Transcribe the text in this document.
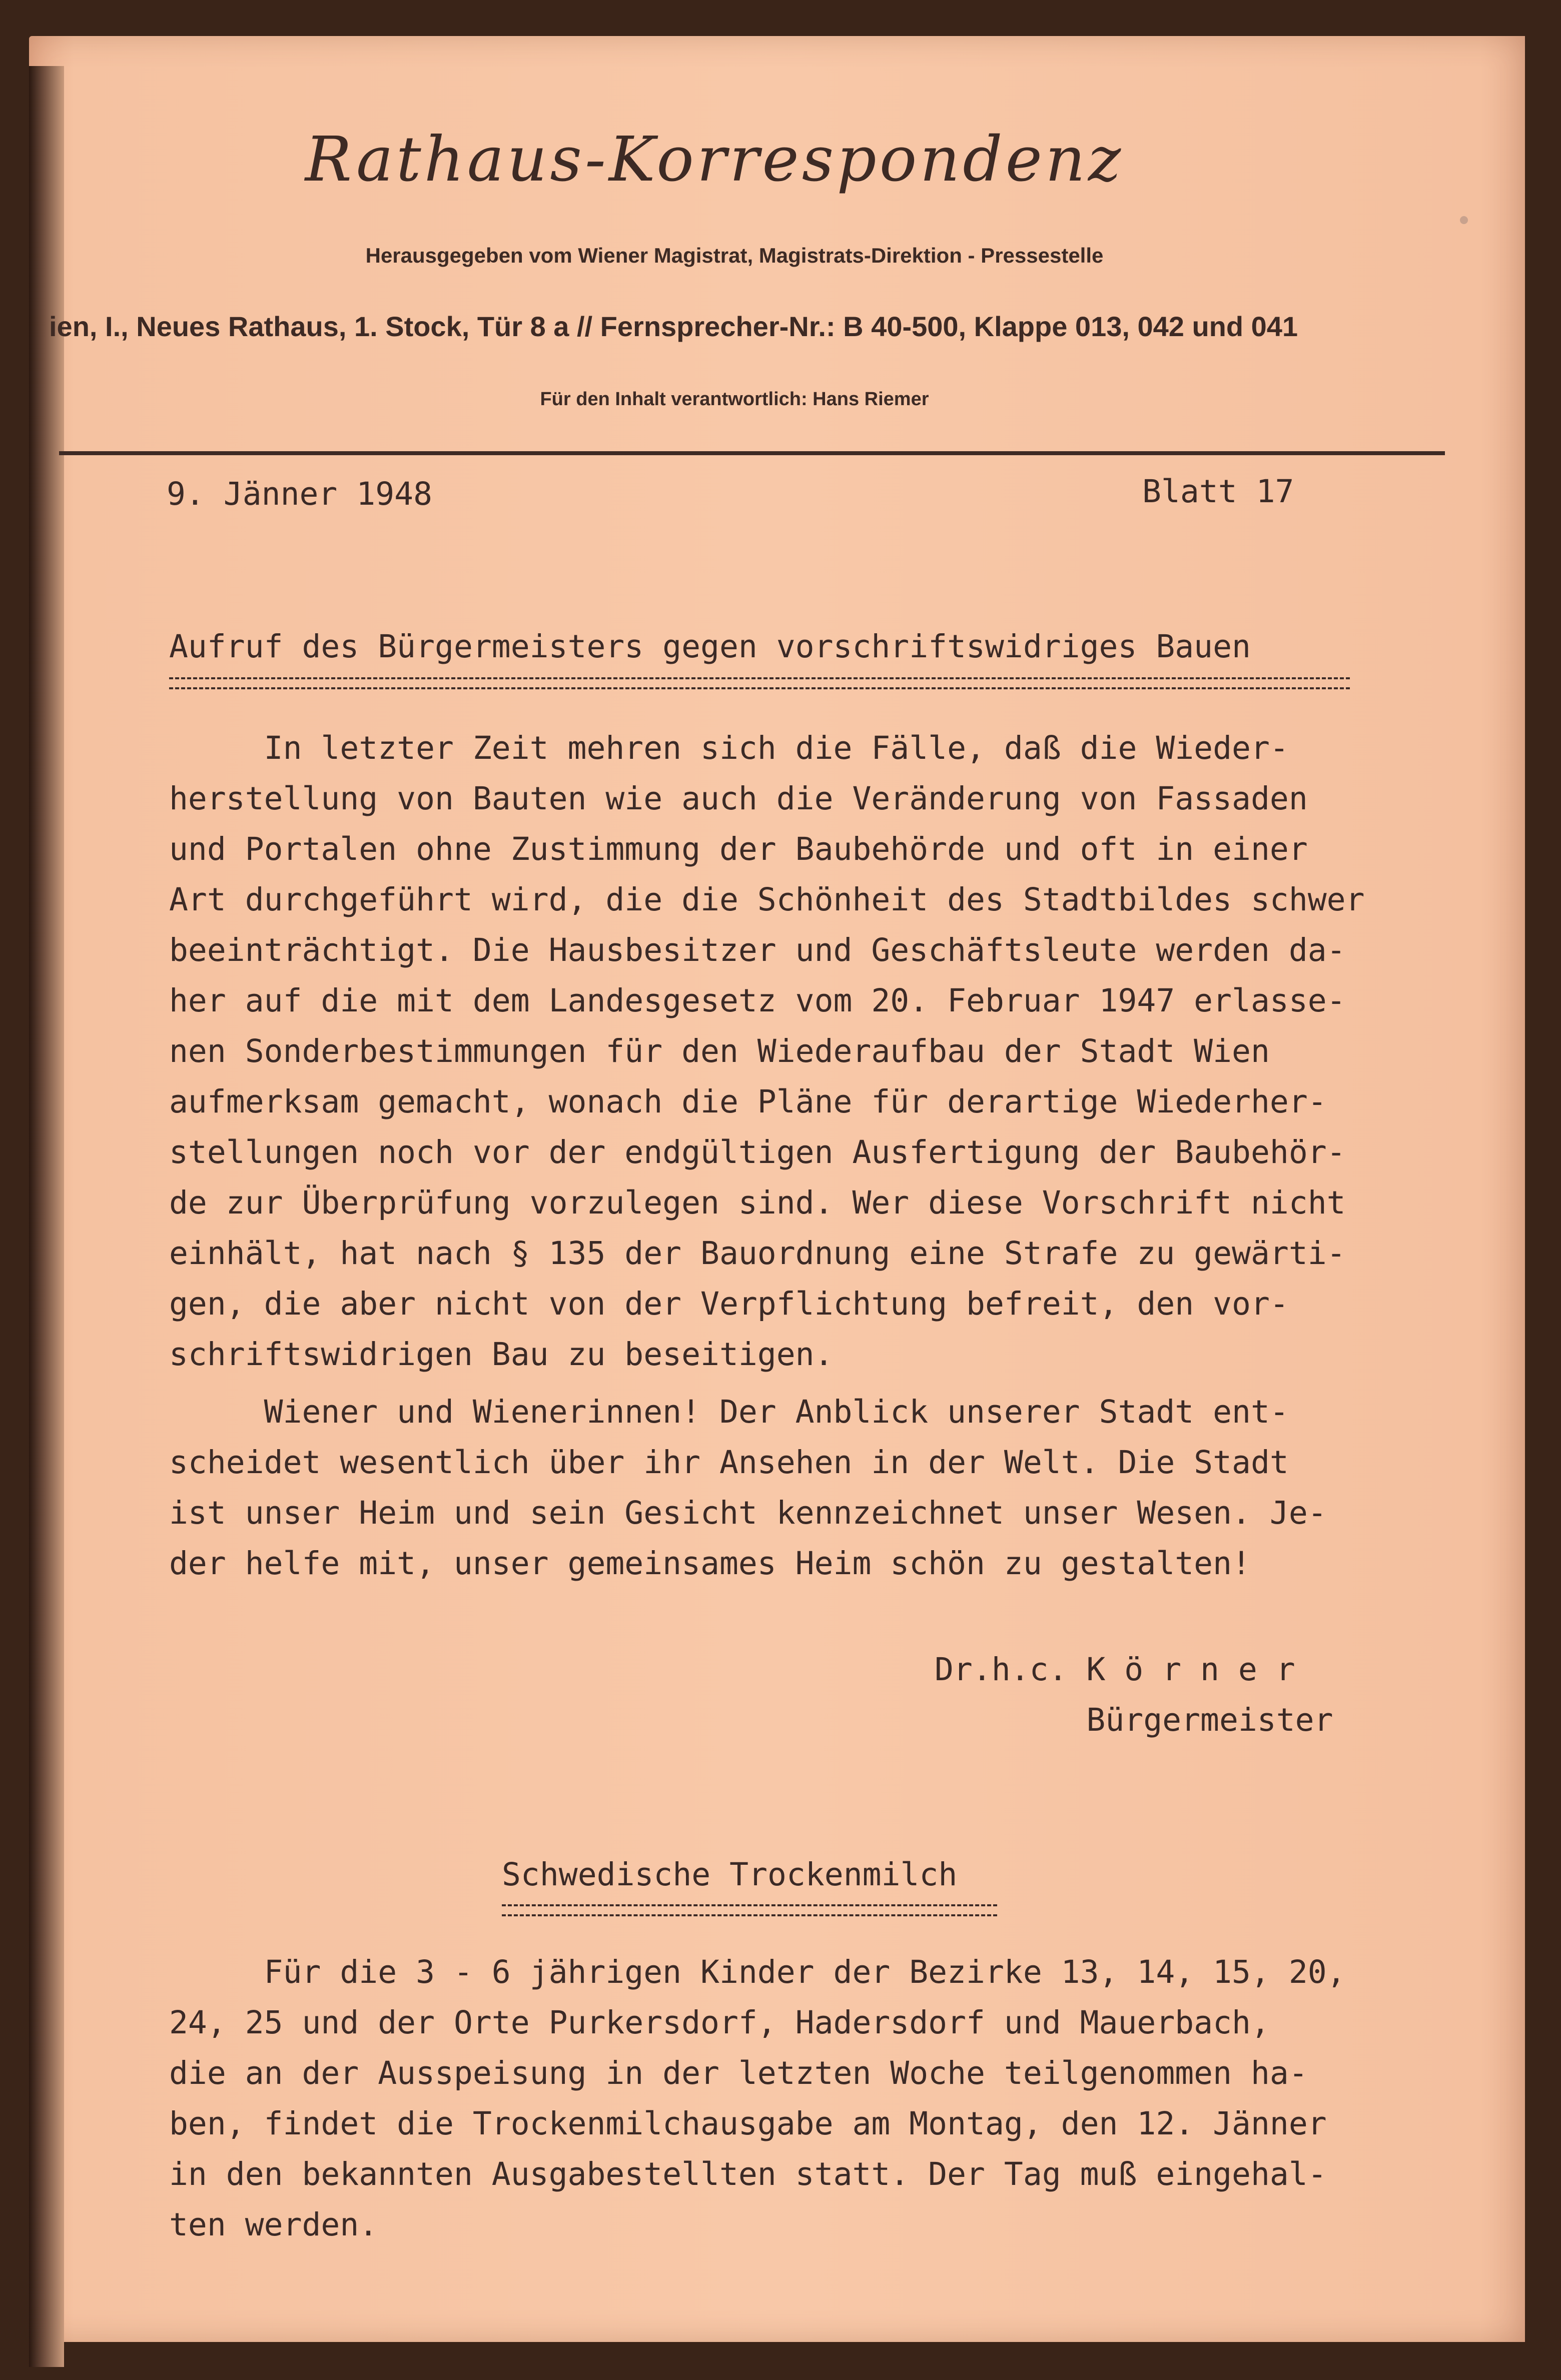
Rathaus-Korrespondenz
Herausgegeben vom Wiener Magistrat, Magistrats-Direktion - Pressestelle
ien, I., Neues Rathaus, 1. Stock, Tür 8 a // Fernsprecher-Nr.: B 40-500, Klappe 013, 042 und 041
Für den Inhalt verantwortlich: Hans Riemer
9. Jänner 1948	Blatt 17
Aufruf des Bürgermeisters gegen vorschriftswidriges Bauen
In letzter Zeit mehren sich die Fälle, daß die Wieder-
herstellung von Bauten wie auch die Veränderung von Fassaden
und Portalen ohne Zustimmung der Baubehörde und oft in einer
Art durchgeführt wird, die die Schönheit des Stadtbildes schwer
beeinträchtigt. Die Hausbesitzer und Geschäftsleute werden da-
her auf die mit dem Landesgesetz vom 20. Februar 1947 erlasse-
nen Sonderbestimmungen für den Wiederaufbau der Stadt Wien
aufmerksam gemacht, wonach die Pläne für derartige Wiederher-
stellungen noch vor der endgültigen Ausfertigung der Baubehör-
de zur Überprüfung vorzulegen sind. Wer diese Vorschrift nicht
einhält, hat nach § 135 der Bauordnung eine Strafe zu gewärti-
gen, die aber nicht von der Verpflichtung befreit, den vor-
schriftswidrigen Bau zu beseitigen.
Wiener und Wienerinnen! Der Anblick unserer Stadt ent-
scheidet wesentlich über ihr Ansehen in der Welt. Die Stadt
ist unser Heim und sein Gesicht kennzeichnet unser Wesen. Je-
der helfe mit, unser gemeinsames Heim schön zu gestalten!
Dr.h.c. K ö r n e r
Bürgermeister
Schwedische Trockenmilch
Für die 3 - 6 jährigen Kinder der Bezirke 13, 14, 15, 20,
24, 25 und der Orte Purkersdorf, Hadersdorf und Mauerbach,
die an der Ausspeisung in der letzten Woche teilgenommen ha-
ben, findet die Trockenmilchausgabe am Montag, den 12. Jänner
in den bekannten Ausgabestellten statt. Der Tag muß eingehal-
ten werden.
